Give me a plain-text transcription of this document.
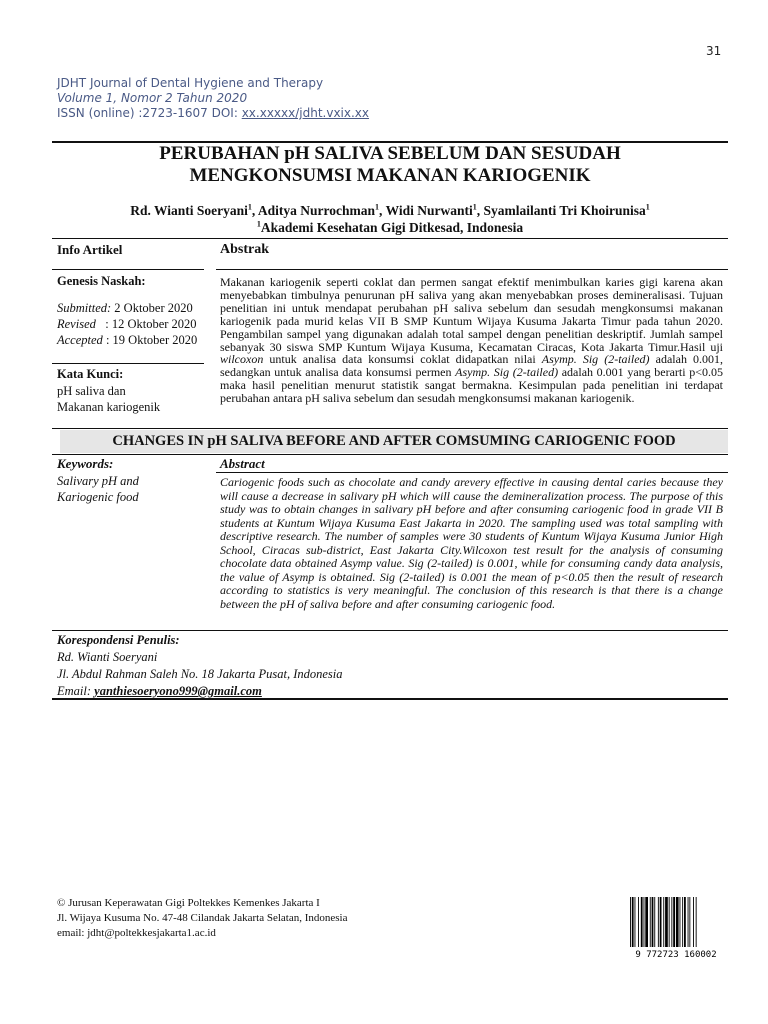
31
JDHT Journal of Dental Hygiene and Therapy
Volume 1, Nomor 2 Tahun 2020
ISSN (online) :2723-1607 DOI: xx.xxxxx/jdht.vxix.xx
PERUBAHAN pH SALIVA SEBELUM DAN SESUDAH
MENGKONSUMSI MAKANAN KARIOGENIK
Rd. Wianti Soeryani$^1$, Aditya Nurrochman$^1$, Widi Nurwanti$^1$, Syamlailanti Tri Khoirunisa$^1$
$^1$Akademi Kesehatan Gigi Ditkesad, Indonesia
Info Artikel	Abstrak
Genesis Naskah:
Submitted: 2 Oktober 2020
Revised   : 12 Oktober 2020
Accepted : 19 Oktober 2020
Kata Kunci:
pH saliva dan
Makanan kariogenik
Makanan kariogenik seperti coklat dan permen sangat efektif menimbulkan karies gigi karena akan menyebabkan timbulnya penurunan pH saliva yang akan menyebabkan proses demineralisasi. Tujuan penelitian ini untuk mendapat perubahan pH saliva sebelum dan sesudah mengkonsumsi makanan kariogenik pada murid kelas VII B SMP Kuntum Wijaya Kusuma Jakarta Timur pada tahun 2020. Pengambilan sampel yang digunakan adalah total sampel dengan penelitian deskriptif. Jumlah sampel sebanyak 30 siswa SMP Kuntum Wijaya Kusuma, Kecamatan Ciracas, Kota Jakarta Timur.Hasil uji wilcoxon untuk analisa data konsumsi coklat didapatkan nilai Asymp. Sig (2-tailed) adalah 0.001, sedangkan untuk analisa data konsumsi permen Asymp. Sig (2-tailed) adalah 0.001 yang berarti p<0.05 maka hasil penelitian menurut statistik sangat bermakna. Kesimpulan pada penelitian ini terdapat perubahan antara pH saliva sebelum dan sesudah mengkonsumsi makanan kariogenik.
CHANGES IN pH SALIVA BEFORE AND AFTER COMSUMING CARIOGENIC FOOD
Keywords:	Abstract
Salivary pH and
Kariogenic food
Cariogenic foods such as chocolate and candy arevery effective in causing dental caries because they will cause a decrease in salivary pH which will cause the demineralization process. The purpose of this study was to obtain changes in salivary pH before and after consuming cariogenic food in grade VII B students at Kuntum Wijaya Kusuma East Jakarta in 2020. The sampling used was total sampling with descriptive research. The number of samples were 30 students of Kuntum Wijaya Kusuma Junior High School, Ciracas sub-district, East Jakarta City.Wilcoxon test result for the analysis of consuming chocolate data obtained Asymp value. Sig (2-tailed) is 0.001, while for consuming candy data analysis, the value of Asymp is obtained. Sig (2-tailed) is 0.001 the mean of p<0.05 then the result of research according to statistics is very meaningful. The conclusion of this research is that there is a change between the pH of saliva before and after consuming cariogenic food.
Korespondensi Penulis:
Rd. Wianti Soeryani
Jl. Abdul Rahman Saleh No. 18 Jakarta Pusat, Indonesia
Email: yanthiesoeryono999@gmail.com
© Jurusan Keperawatan Gigi Poltekkes Kemenkes Jakarta I
Jl. Wijaya Kusuma No. 47-48 Cilandak Jakarta Selatan, Indonesia
email: jdht@poltekkesjakarta1.ac.id
9 772723 160002
